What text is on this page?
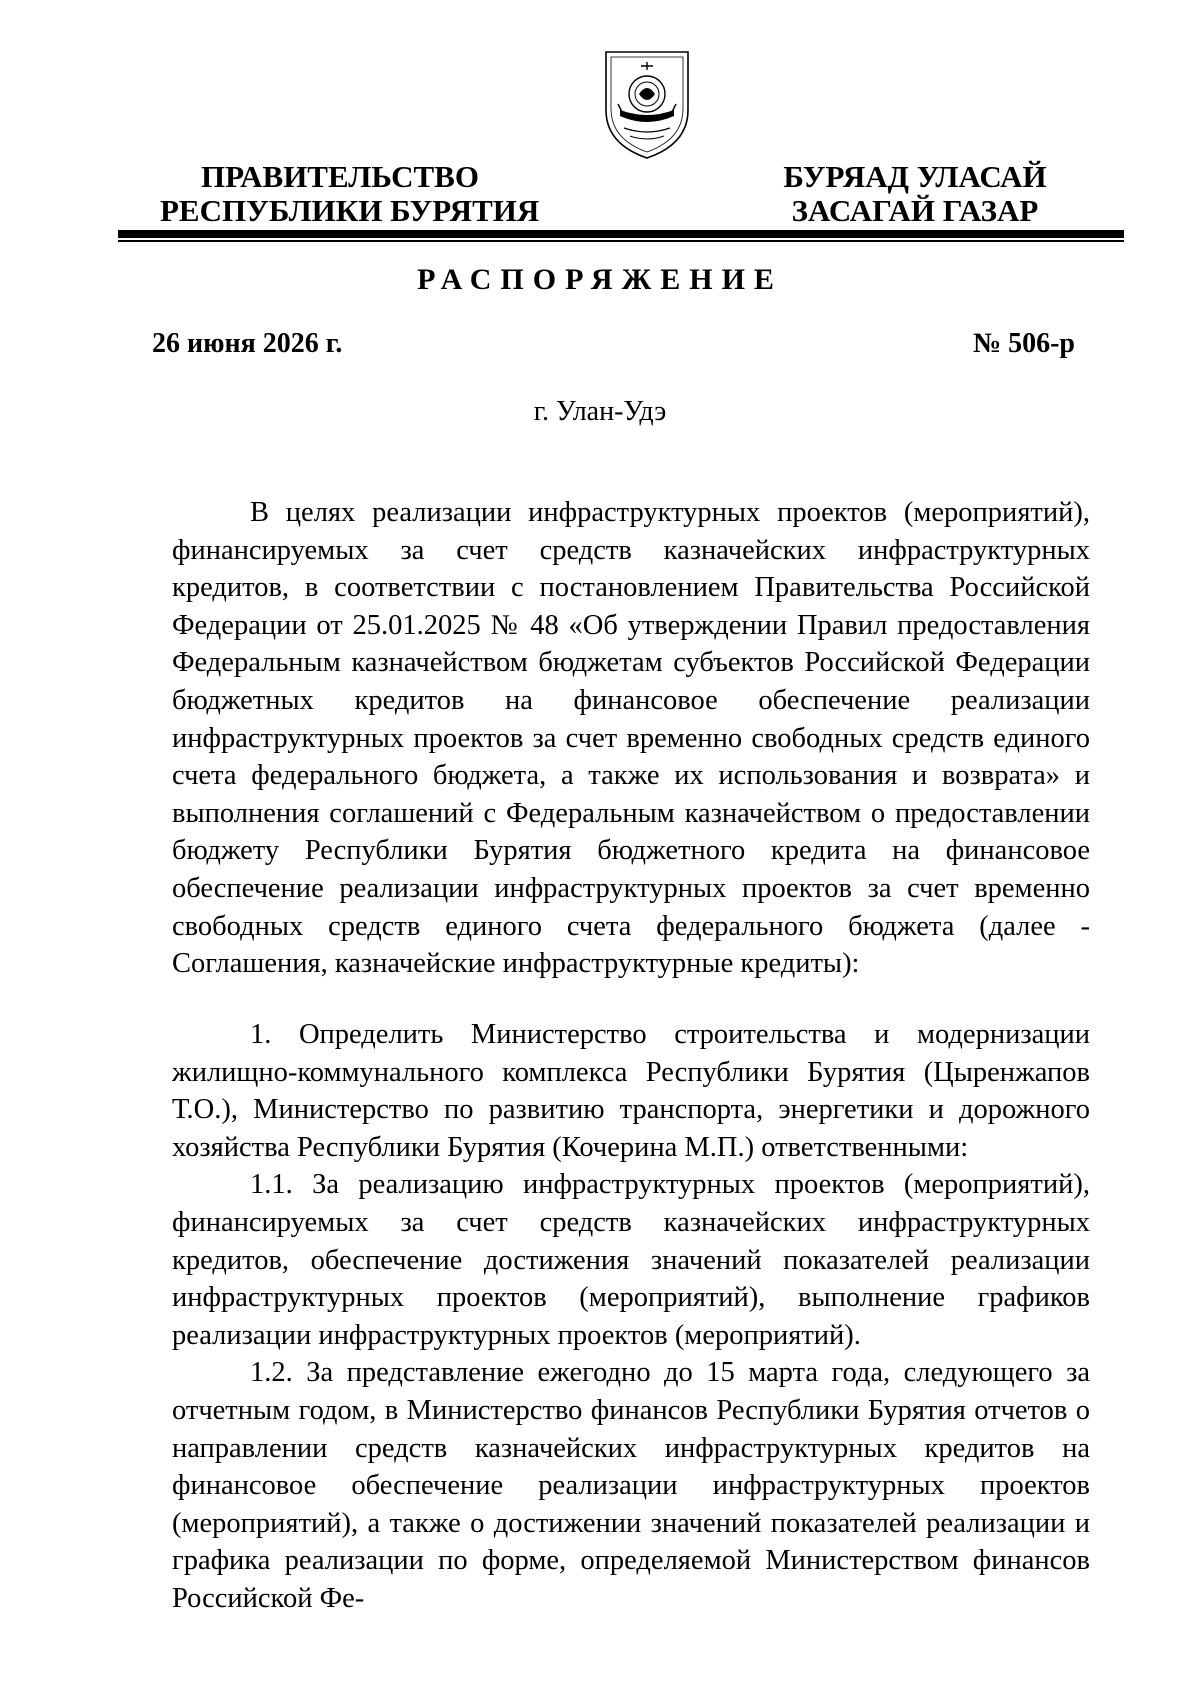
ПРАВИТЕЛЬСТВО
РЕСПУБЛИКИ БУРЯТИЯ
БУРЯАД УЛАСАЙ
ЗАСАГАЙ ГАЗАР
РАСПОРЯЖЕНИЕ
26 июня 2026 г.	№ 506-р
г. Улан-Удэ

В целях реализации инфраструктурных проектов (мероприятий), финансируемых за счет средств казначейских инфраструктурных кредитов, в соответствии с постановлением Правительства Российской Федерации от 25.01.2025 № 48 «Об утверждении Правил предоставления Федеральным казначейством бюджетам субъектов Российской Федерации бюджетных кредитов на финансовое обеспечение реализации инфраструктурных проектов за счет временно свободных средств единого счета федерального бюджета, а также их использования и возврата» и выполнения соглашений с Федеральным казначейством о предоставлении бюджету Республики Бурятия бюджетного кредита на финансовое обеспечение реализации инфраструктурных проектов за счет временно свободных средств единого счета федерального бюджета (далее - Соглашения, казначейские инфраструктурные кредиты):

1. Определить Министерство строительства и модернизации жилищно-коммунального комплекса Республики Бурятия (Цыренжапов Т.О.), Министерство по развитию транспорта, энергетики и дорожного хозяйства Республики Бурятия (Кочерина М.П.) ответственными:

1.1. За реализацию инфраструктурных проектов (мероприятий), финансируемых за счет средств казначейских инфраструктурных кредитов, обеспечение достижения значений показателей реализации инфраструктурных проектов (мероприятий), выполнение графиков реализации инфраструктурных проектов (мероприятий).

1.2. За представление ежегодно до 15 марта года, следующего за отчетным годом, в Министерство финансов Республики Бурятия отчетов о направлении средств казначейских инфраструктурных кредитов на финансовое обеспечение реализации инфраструктурных проектов (мероприятий), а также о достижении значений показателей реализации и графика реализации по форме, определяемой Министерством финансов Российской Фе-
